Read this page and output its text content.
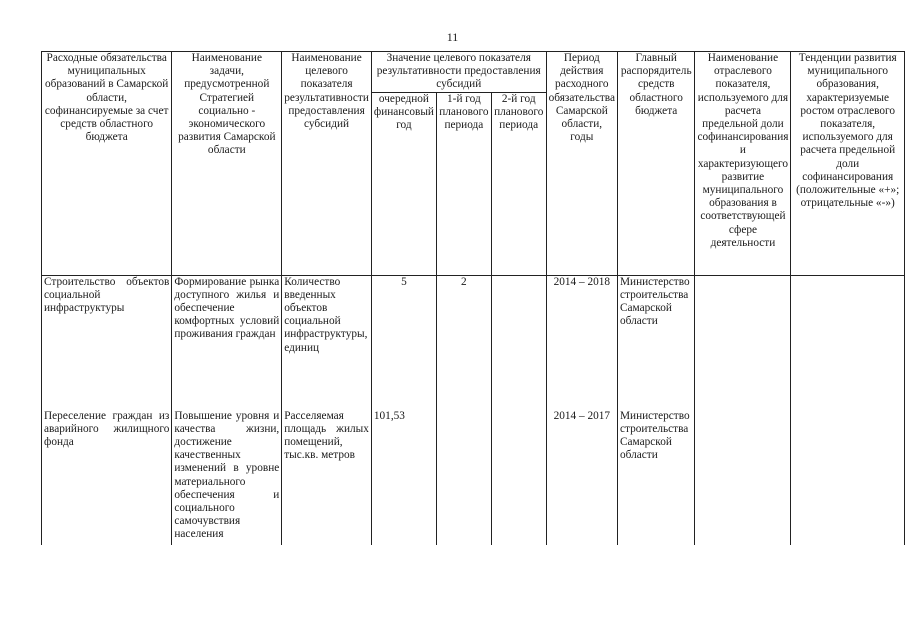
11
Расходные обязательства муниципальных образований в Самарской области, софинансируемые за счет средств областного бюджета	Наименование задачи, предусмотренной Стратегией социально - экономического развития Самарской области	Наименование целевого показателя результативности предоставления субсидий	Значение целевого показателя результативности предоставления субсидий			Период действия расходного обязательства Самарской области, годы	Главный распорядитель средств областного бюджета	Наименование отраслевого показателя, используемого для расчета предельной доли софинансирования и характеризующего развитие муниципального образования в соответствующей сфере деятельности	Тенденции развития муниципального образования, характеризуемые ростом отраслевого показателя, используемого для расчета предельной доли софинансирования (положительные «+»; отрицательные «-»)
			очередной финансовый год	1-й год планового периода	2-й год планового периода				
Строительство объектов социальной инфраструктуры	Формирование рынка доступного жилья и обеспечение комфортных условий проживания граждан	Количество введенных объектов социальной инфраструктуры, единиц	5	2		2014 – 2018	Министерство строительства Самарской области		
Переселение граждан из аварийного жилищного фонда	Повышение уровня и качества жизни, достижение качественных изменений в уровне материального обеспечения и социального самочувствия населения	Расселяемая площадь жилых помещений, тыс.кв. метров	101,53			2014 – 2017	Министерство строительства Самарской области		
